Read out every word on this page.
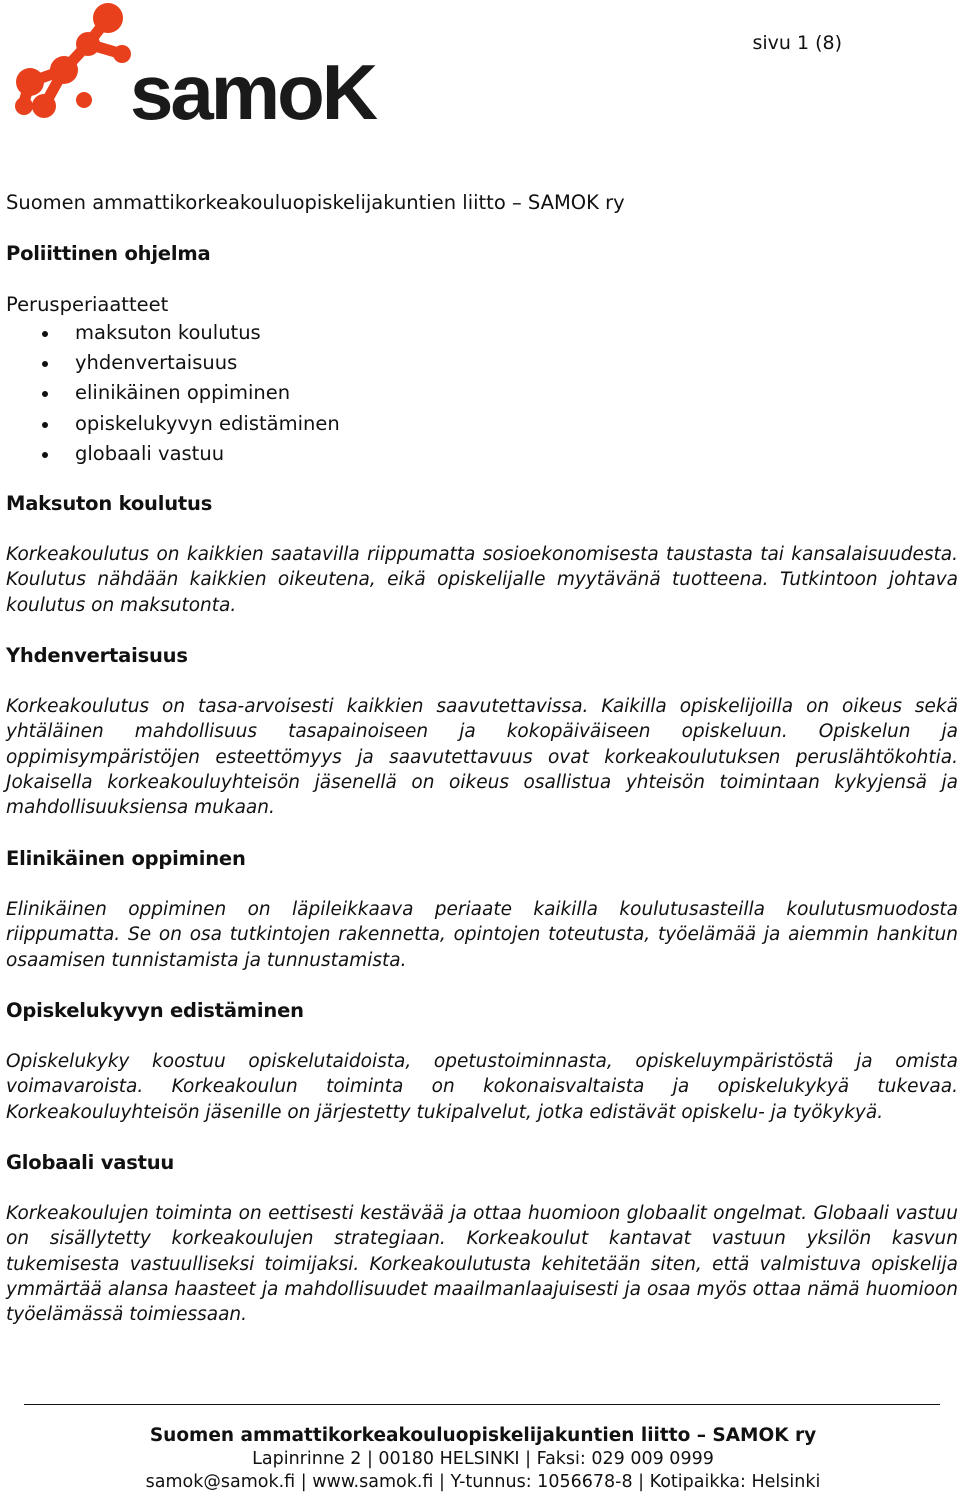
samoK
sivu 1 (8)

Suomen ammattikorkeakouluopiskelijakuntien liitto – SAMOK ry

Poliittinen ohjelma

Perusperiaatteet

maksuton koulutus
yhdenvertaisuus
elinikäinen oppiminen
opiskelukyvyn edistäminen
globaali vastuu
Maksuton koulutus

Korkeakoulutus on kaikkien saatavilla riippumatta sosioekonomisesta taustasta tai kansalaisuudesta. Koulutus nähdään kaikkien oikeutena, eikä opiskelijalle myytävänä tuotteena. Tutkintoon johtava koulutus on maksutonta.

Yhdenvertaisuus

Korkeakoulutus on tasa-arvoisesti kaikkien saavutettavissa. Kaikilla opiskelijoilla on oikeus sekä yhtäläinen mahdollisuus tasapainoiseen ja kokopäiväiseen opiskeluun. Opiskelun ja oppimisympäristöjen esteettömyys ja saavutettavuus ovat korkeakoulutuksen peruslähtökohtia. Jokaisella korkeakouluyhteisön jäsenellä on oikeus osallistua yhteisön toimintaan kykyjensä ja mahdollisuuksiensa mukaan.

Elinikäinen oppiminen

Elinikäinen oppiminen on läpileikkaava periaate kaikilla koulutusasteilla koulutusmuodosta riippumatta. Se on osa tutkintojen rakennetta, opintojen toteutusta, työelämää ja aiemmin hankitun osaamisen tunnistamista ja tunnustamista.

Opiskelukyvyn edistäminen

Opiskelukyky koostuu opiskelutaidoista, opetustoiminnasta, opiskeluympäristöstä ja omista voimavaroista. Korkeakoulun toiminta on kokonaisvaltaista ja opiskelukykyä tukevaa. Korkeakouluyhteisön jäsenille on järjestetty tukipalvelut, jotka edistävät opiskelu- ja työkykyä.

Globaali vastuu

Korkeakoulujen toiminta on eettisesti kestävää ja ottaa huomioon globaalit ongelmat. Globaali vastuu on sisällytetty korkeakoulujen strategiaan. Korkeakoulut kantavat vastuun yksilön kasvun tukemisesta vastuulliseksi toimijaksi. Korkeakoulutusta kehitetään siten, että valmistuva opiskelija ymmärtää alansa haasteet ja mahdollisuudet maailmanlaajuisesti ja osaa myös ottaa nämä huomioon työelämässä toimiessaan.

Suomen ammattikorkeakouluopiskelijakuntien liitto – SAMOK ry
Lapinrinne 2 | 00180 HELSINKI | Faksi: 029 009 0999
samok@samok.fi | www.samok.fi | Y-tunnus: 1056678-8 | Kotipaikka: Helsinki
